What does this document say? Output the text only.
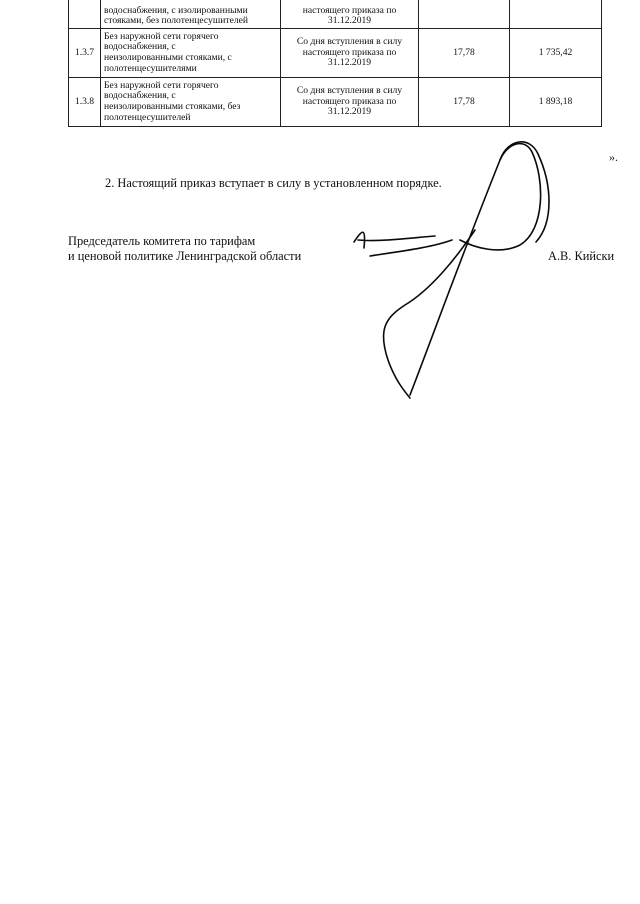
	водоснабжения, с изолированными
стояками, без полотенцесушителей	настоящего приказа по
31.12.2019		

1.3.7	Без наружной сети горячего
водоснабжения, с
неизолированными стояками, с
полотенцесушителями	Со дня вступления в силу
настоящего приказа по
31.12.2019	17,78	1 735,42
1.3.8	Без наружной сети горячего
водоснабжения, с
неизолированными стояками, без
полотенцесушителей	Со дня вступления в силу
настоящего приказа по
31.12.2019	17,78	1 893,18
».
2. Настоящий приказ вступает в силу в установленном порядке.
Председатель комитета по тарифам
и ценовой политике Ленинградской области	А.В. Кийски
